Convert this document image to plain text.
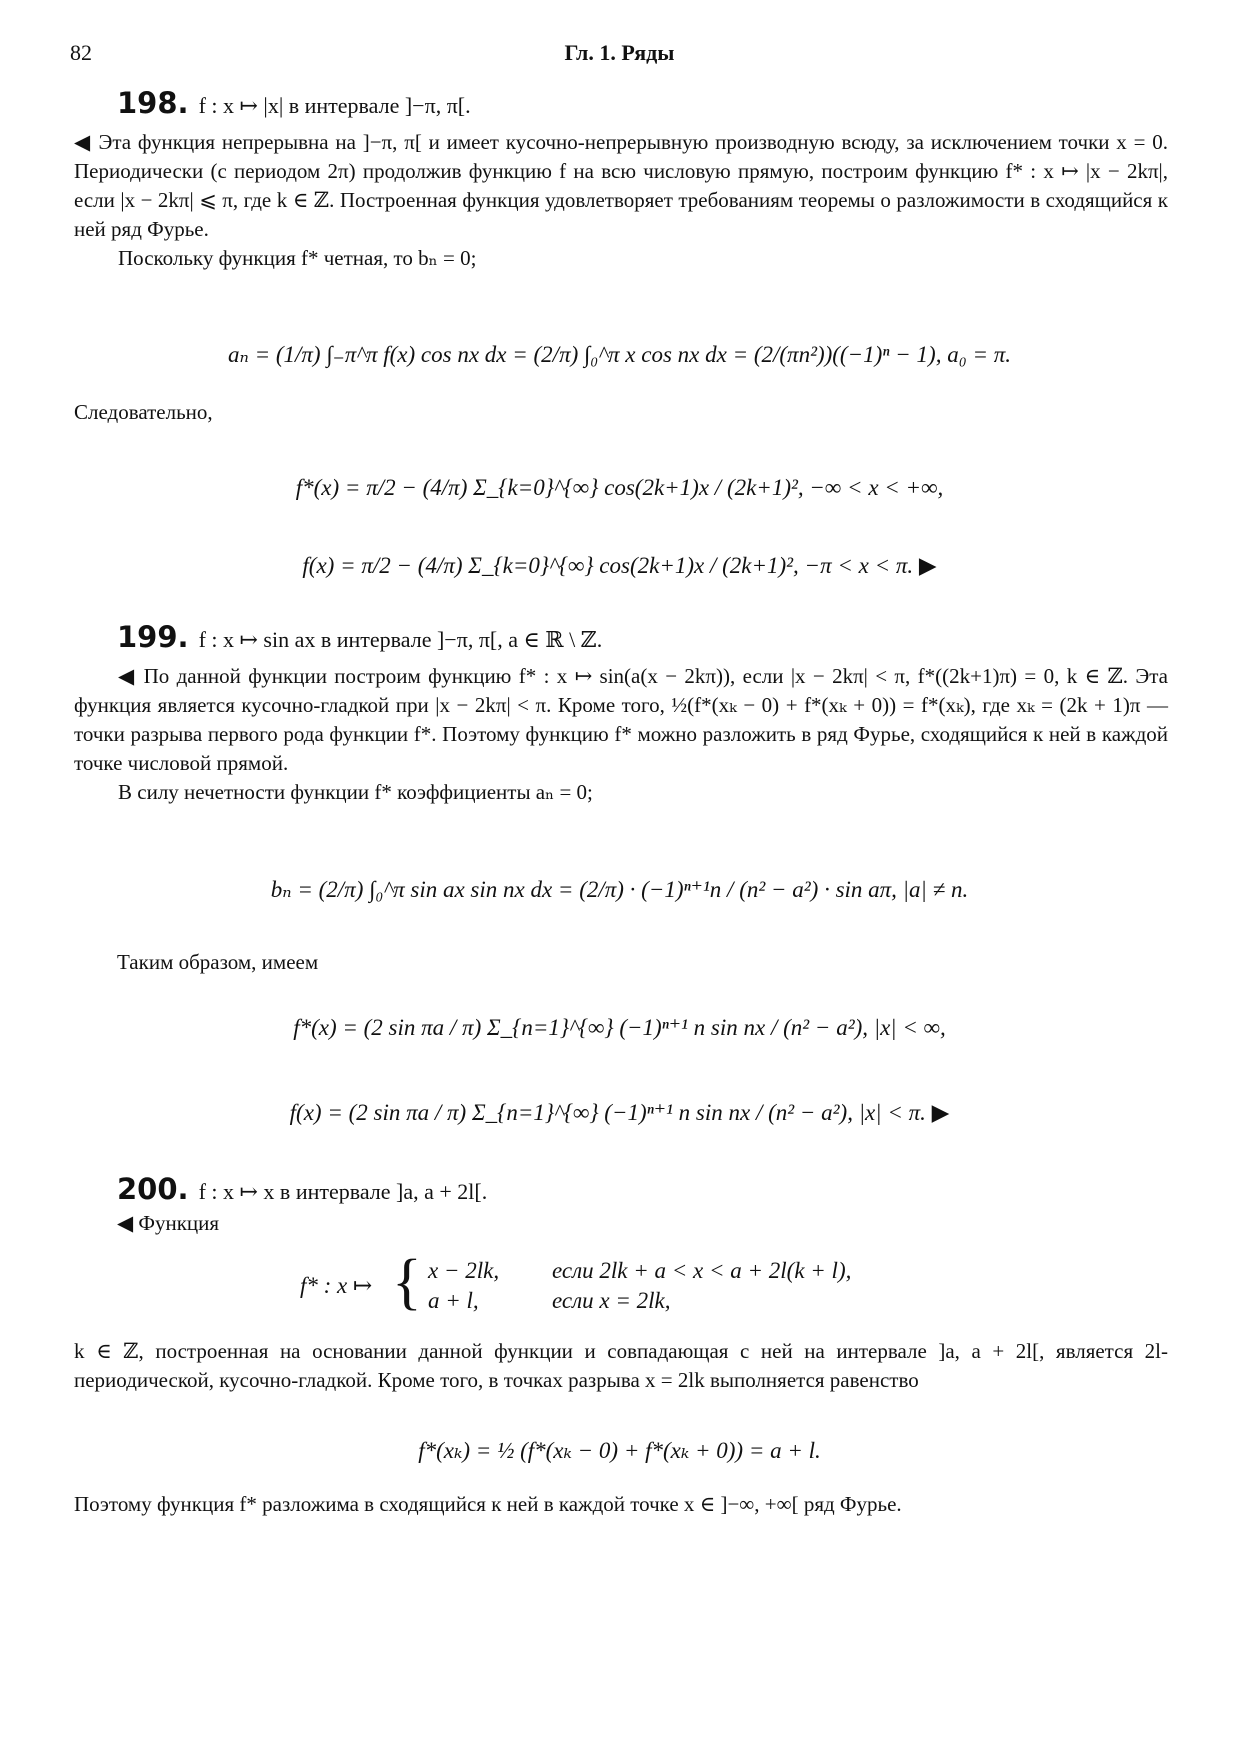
82	Гл. 1. Ряды
198. f : x ↦ |x| в интервале ]−π, π[.

◀ Эта функция непрерывна на ]−π, π[ и имеет кусочно-непрерывную производную всюду, за исключением точки x = 0. Периодически (с периодом 2π) продолжив функцию f на всю числовую прямую, построим функцию f* : x ↦ |x − 2kπ|, если |x − 2kπ| ⩽ π, где k ∈ ℤ. Построенная функция удовлетворяет требованиям теоремы о разложимости в сходящийся к ней ряд Фурье.

Поскольку функция f* четная, то bₙ = 0;

aₙ = (1/π) ∫₋π^π f(x) cos nx dx = (2/π) ∫₀^π x cos nx dx = (2/(πn²))((−1)ⁿ − 1), a₀ = π.
Следовательно,
f*(x) = π/2 − (4/π) Σ_{k=0}^{∞} cos(2k+1)x / (2k+1)², −∞ < x < +∞,
f(x) = π/2 − (4/π) Σ_{k=0}^{∞} cos(2k+1)x / (2k+1)², −π < x < π. ▶
199. f : x ↦ sin ax в интервале ]−π, π[, a ∈ ℝ \ ℤ.

◀ По данной функции построим функцию f* : x ↦ sin(a(x − 2kπ)), если |x − 2kπ| < π, f*((2k+1)π) = 0, k ∈ ℤ. Эта функция является кусочно-гладкой при |x − 2kπ| < π. Кроме того, ½(f*(xₖ − 0) + f*(xₖ + 0)) = f*(xₖ), где xₖ = (2k + 1)π — точки разрыва первого рода функции f*. Поэтому функцию f* можно разложить в ряд Фурье, сходящийся к ней в каждой точке числовой прямой.

В силу нечетности функции f* коэффициенты aₙ = 0;

bₙ = (2/π) ∫₀^π sin ax sin nx dx = (2/π) · (−1)ⁿ⁺¹n / (n² − a²) · sin aπ, |a| ≠ n.
Таким образом, имеем
f*(x) = (2 sin πa / π) Σ_{n=1}^{∞} (−1)ⁿ⁺¹ n sin nx / (n² − a²), |x| < ∞,
f(x) = (2 sin πa / π) Σ_{n=1}^{∞} (−1)ⁿ⁺¹ n sin nx / (n² − a²), |x| < π. ▶
200. f : x ↦ x в интервале ]a, a + 2l[.
◀ Функция
f* : x ↦ { x − 2lk, если 2lk + a < x < a + 2l(k + l),
a + l,	если x = 2lk,
k ∈ ℤ, построенная на основании данной функции и совпадающая с ней на интервале ]a, a + 2l[, является 2l-периодической, кусочно-гладкой. Кроме того, в точках разрыва x = 2lk выполняется равенство
f*(xₖ) = ½ (f*(xₖ − 0) + f*(xₖ + 0)) = a + l.
Поэтому функция f* разложима в сходящийся к ней в каждой точке x ∈ ]−∞, +∞[ ряд Фурье.
